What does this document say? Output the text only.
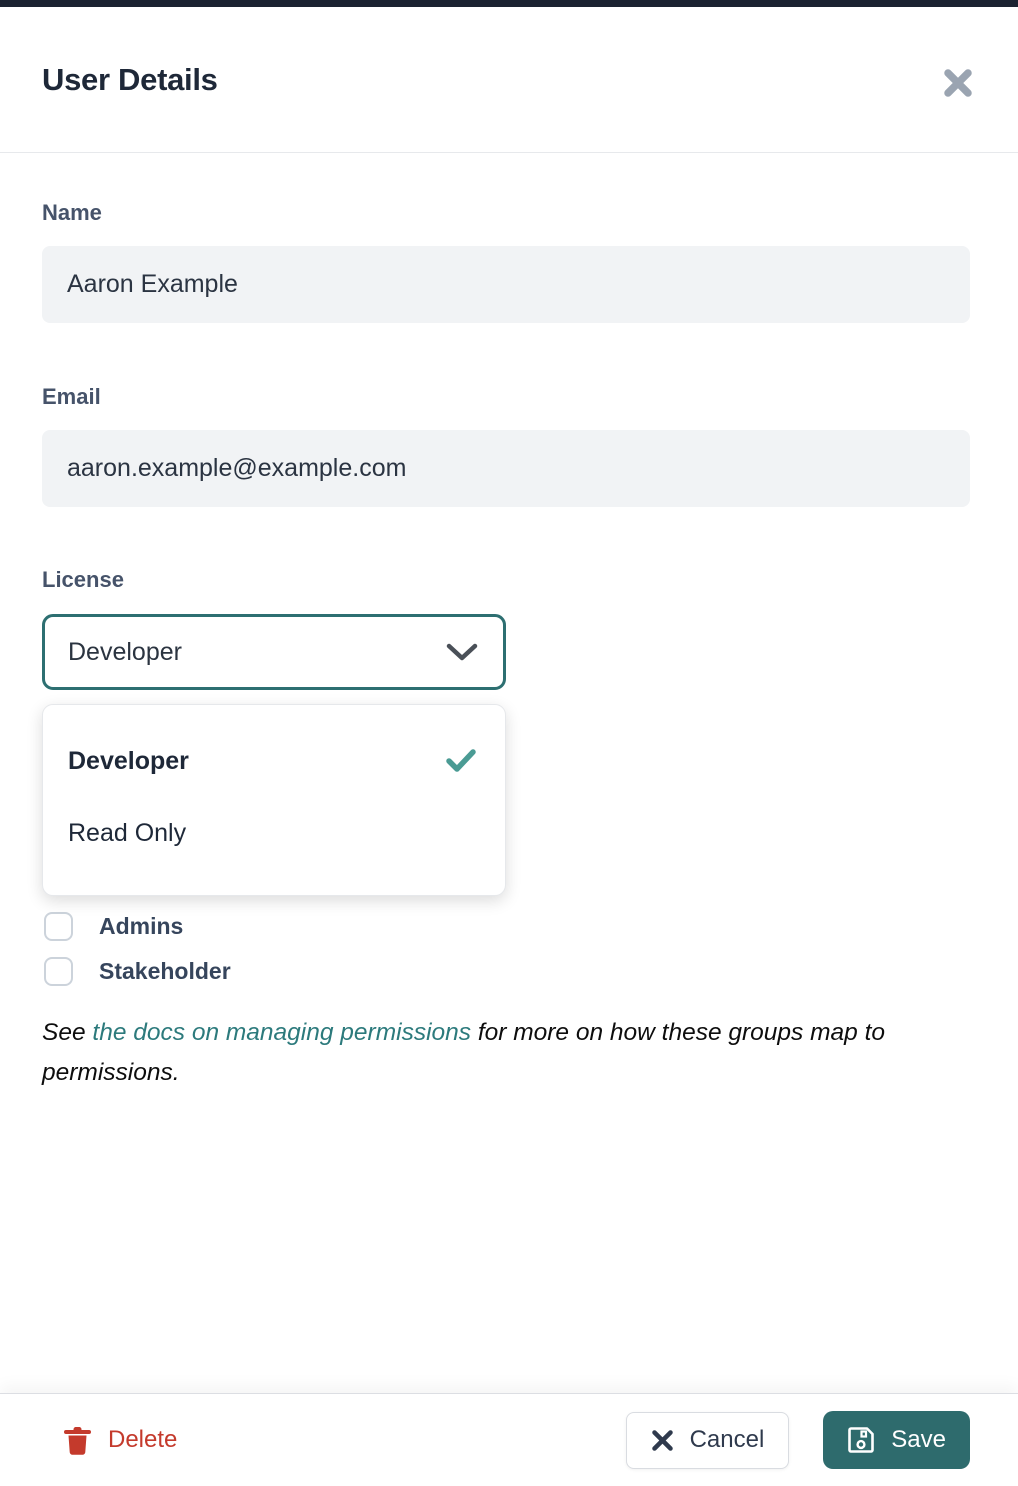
User Details
Name
Aaron Example
Email
aaron.example@example.com
License
Developer
Developer
Read Only
Admins
Stakeholder

See the docs on managing permissions for more on how these groups map to permissions.

Delete	Cancel	Save
